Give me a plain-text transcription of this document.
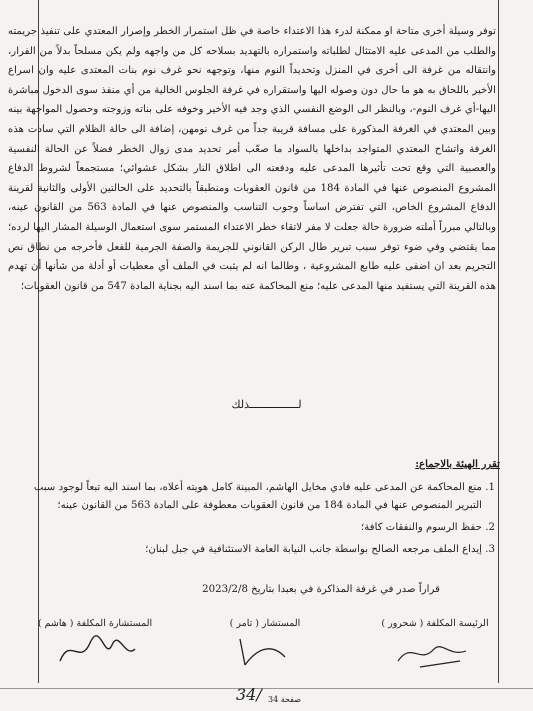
توفر وسيلة أخرى متاحة او ممكنة لدرء هذا الاعتداء خاصة في ظل استمرار الخطر وإصرار المعتدي على تنفيذ جريمته والطلب من المدعى عليه الامتثال لطلباته واستمراره بالتهديد بسلاحه كل من واجهه ولم يكن مسلحاً بدلاً من الفرار، وانتقاله من غرفة الى أخرى في المنزل وتحديداً النوم منها، وتوجهه نحو غرف نوم بنات المعتدى عليه وان اسراع الأخير باللحاق به هو ما حال دون وصوله اليها واستقراره في غرفة الجلوس الخالية من أي منفذ سوى الدخول مباشرة اليها-أي غرف النوم-، وبالنظر الى الوضع النفسي الذي وجد فيه الأخير وخوفه على بناته وزوجته وحصول المواجهة بينه وبين المعتدي في الغرفة المذكورة على مسافة قريبة جداً من غرف نومهن، إضافة الى حالة الظلام التي سادت هذه الغرفة واتشاح المعتدي المتواجد بداخلها بالسواد ما صعّب أمر تحديد مدى زوال الخطر فضلاً عن الحالة النفسية والعصبية التي وقع تحت تأثيرها المدعى عليه ودفعته الى اطلاق النار بشكل عشوائي؛ مستجمعاً لشروط الدفاع المشروع المنصوص عنها في المادة 184 من قانون العقوبات ومنطبقاً بالتحديد على الحالتين الأولى والثانية لقرينة الدفاع المشروع الخاص، التي تفترض اساساً وجوب التناسب والمنصوص عنها في المادة 563 من القانون عينه، وبالتالي مبرراً أملته ضرورة حالة جعلت لا مفر لاتقاء خطر الاعتداء المستمر سوى استعمال الوسيلة المشار اليها لرده؛ مما يقتضي وفي ضوء توفر سبب تبرير طال الركن القانوني للجريمة والصفة الجرمية للفعل فأخرجه من نطاق نص التجريم بعد ان اضفى عليه طابع المشروعية ، وطالما انه لم يثبت في الملف أي معطيات أو أدلة من شأنها أن تهدم هذه القرينة التي يستفيد منها المدعى عليه؛ منع المحاكمة عنه بما اسند اليه بجناية المادة 547 من قانون العقوبات؛

لـــــــــــــــذلك

تقرر الهيئة بالاجماع:

1. منع المحاكمة عن المدعى عليه فادي مخايل الهاشم، المبينة كامل هويته أعلاه، بما اسند اليه تبعاً لوجود سبب التبرير المنصوص عنها في المادة 184 من قانون العقوبات معطوفة على المادة 563 من القانون عينه؛
2. حفظ الرسوم والنفقات كافة؛
3. إيداع الملف مرجعه الصالح بواسطة جانب النيابة العامة الاستئنافية في جبل لبنان؛
قراراً صدر في غرفة المذاكرة في بعبدا بتاريخ 2023/2/8
المستشارة المكلفة ( هاشم )	المستشار ( تامر )	الرئيسة المكلفة ( شحرور )
34/ صفحة 34
